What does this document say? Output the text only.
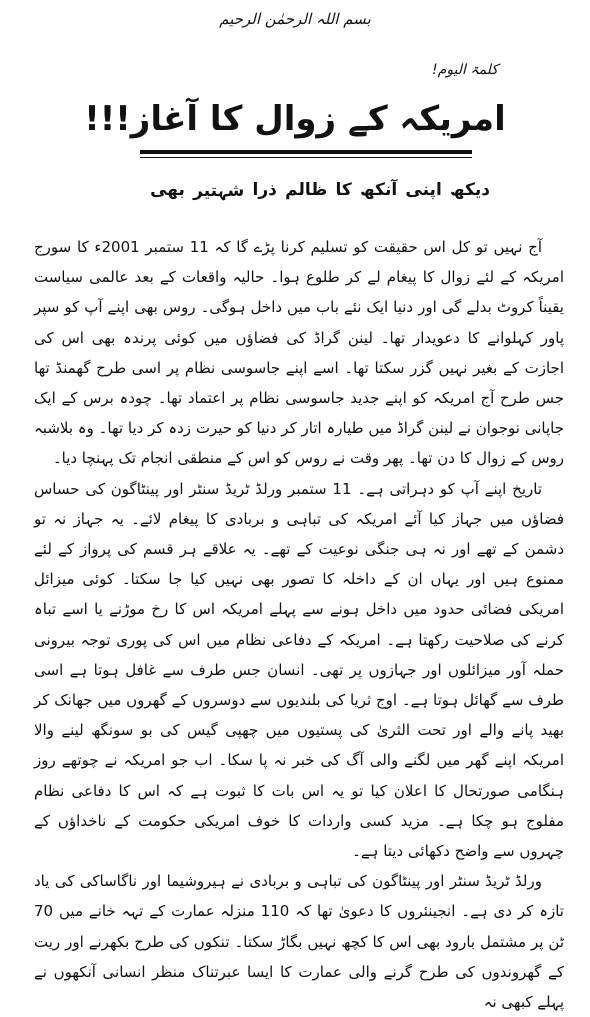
بسم اللہ الرحمٰن الرحیم
کلمۃ الیوم!
امریکہ کے زوال کا آغاز!!!
دیکھ
اپنی
آنکھ
کا
ظالم
ذرا
شہتیر
بھی

آج نہیں تو کل اس حقیقت کو تسلیم کرنا پڑے گا کہ 11 ستمبر 2001ء کا سورج امریکہ کے لئے زوال کا پیغام لے کر طلوع ہوا۔ حالیہ واقعات کے بعد عالمی سیاست یقیناً کروٹ بدلے گی اور دنیا ایک نئے باب میں داخل ہوگی۔ روس بھی اپنے آپ کو سپر پاور کہلوانے کا دعویدار تھا۔ لینن گراڈ کی فضاؤں میں کوئی پرندہ بھی اس کی اجازت کے بغیر نہیں گزر سکتا تھا۔ اسے اپنے جاسوسی نظام پر اسی طرح گھمنڈ تھا جس طرح آج امریکہ کو اپنے جدید جاسوسی نظام پر اعتماد تھا۔ چودہ برس کے ایک جاپانی نوجوان نے لینن گراڈ میں طیارہ اتار کر دنیا کو حیرت زدہ کر دیا تھا۔ وہ بلاشبہ روس کے زوال کا دن تھا۔ پھر وقت نے روس کو اس کے منطقی انجام تک پہنچا دیا۔

تاریخ اپنے آپ کو دہراتی ہے۔ 11 ستمبر ورلڈ ٹریڈ سنٹر اور پینٹاگون کی حساس فضاؤں میں جہاز کیا آئے امریکہ کی تباہی و بربادی کا پیغام لائے۔ یہ جہاز نہ تو دشمن کے تھے اور نہ ہی جنگی نوعیت کے تھے۔ یہ علاقے ہر قسم کی پرواز کے لئے ممنوع ہیں اور یہاں ان کے داخلہ کا تصور بھی نہیں کیا جا سکتا۔ کوئی میزائل امریکی فضائی حدود میں داخل ہونے سے پہلے امریکہ اس کا رخ موڑنے یا اسے تباہ کرنے کی صلاحیت رکھتا ہے۔ امریکہ کے دفاعی نظام میں اس کی پوری توجہ بیرونی حملہ آور میزائلوں اور جہازوں پر تھی۔ انسان جس طرف سے غافل ہوتا ہے اسی طرف سے گھائل ہوتا ہے۔ اوج ثریا کی بلندیوں سے دوسروں کے گھروں میں جھانک کر بھید پانے والے اور تحت الثریٰ کی پستیوں میں چھپی گیس کی بو سونگھ لینے والا امریکہ اپنے گھر میں لگنے والی آگ کی خبر نہ پا سکا۔ اب جو امریکہ نے چوتھے روز ہنگامی صورتحال کا اعلان کیا تو یہ اس بات کا ثبوت ہے کہ اس کا دفاعی نظام مفلوج ہو چکا ہے۔ مزید کسی واردات کا خوف امریکی حکومت کے ناخداؤں کے چہروں سے واضح دکھائی دیتا ہے۔

ورلڈ ٹریڈ سنٹر اور پینٹاگون کی تباہی و بربادی نے ہیروشیما اور ناگاساکی کی یاد تازہ کر دی ہے۔ انجینئروں کا دعویٰ تھا کہ 110 منزلہ عمارت کے تہہ خانے میں 70 ٹن پر مشتمل بارود بھی اس کا کچھ نہیں بگاڑ سکتا۔ تنکوں کی طرح بکھرنے اور ریت کے گھروندوں کی طرح گرنے والی عمارت کا ایسا عبرتناک منظر انسانی آنکھوں نے پہلے کبھی نہ
